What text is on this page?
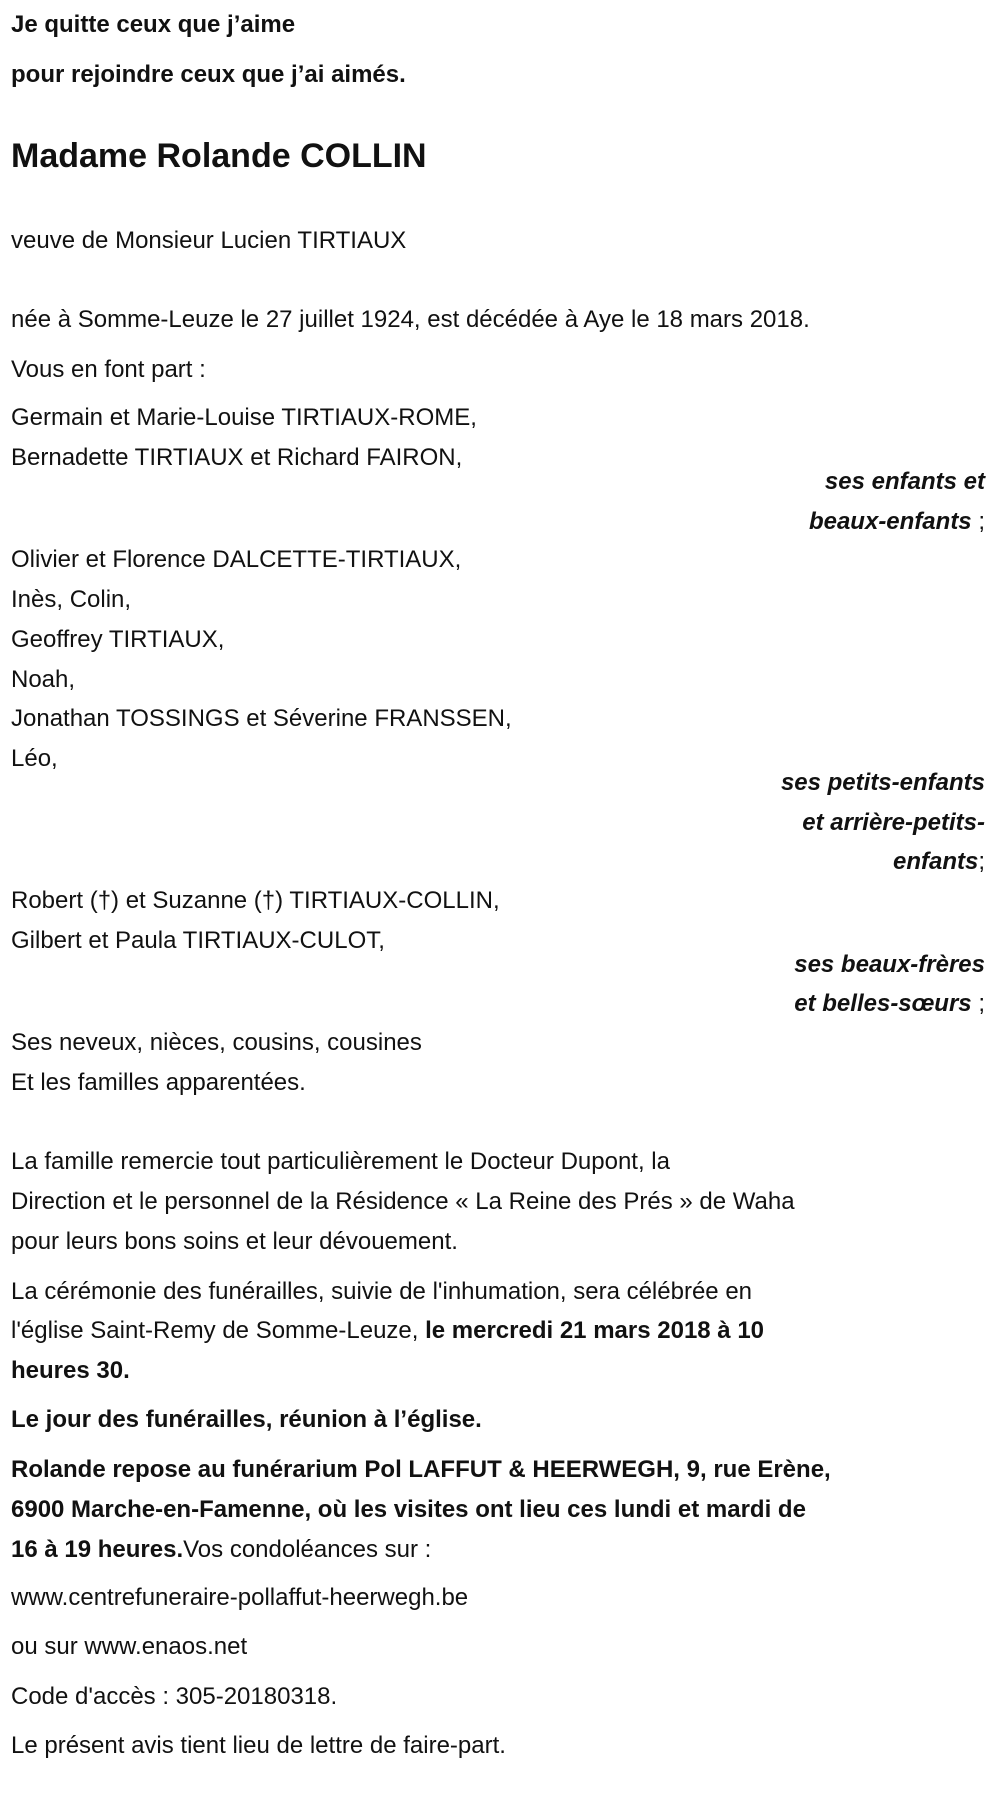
Je quitte ceux que j’aime
pour rejoindre ceux que j’ai aimés.
Madame Rolande COLLIN
veuve de Monsieur Lucien TIRTIAUX
née à Somme-Leuze le 27 juillet 1924, est décédée à Aye le 18 mars 2018.
Vous en font part :
Germain et Marie-Louise TIRTIAUX-ROME,
Bernadette TIRTIAUX et Richard FAIRON,
ses enfants et
beaux-enfants ;
Olivier et Florence DALCETTE-TIRTIAUX,
Inès, Colin,
Geoffrey TIRTIAUX,
Noah,
Jonathan TOSSINGS et Séverine FRANSSEN,
Léo,
ses petits-enfants
et arrière-petits-
enfants;
Robert (†) et Suzanne (†) TIRTIAUX-COLLIN,
Gilbert et Paula TIRTIAUX-CULOT,
ses beaux-frères
et belles-sœurs ;
Ses neveux, nièces, cousins, cousines
Et les familles apparentées.
La famille remercie tout particulièrement le Docteur Dupont, la
Direction et le personnel de la Résidence « La Reine des Prés » de Waha
pour leurs bons soins et leur dévouement.
La cérémonie des funérailles, suivie de l'inhumation, sera célébrée en
l'église Saint-Remy de Somme-Leuze, le mercredi 21 mars 2018 à 10
heures 30.
Le jour des funérailles, réunion à l’église.
Rolande repose au funérarium Pol LAFFUT & HEERWEGH, 9, rue Erène,
6900 Marche-en-Famenne, où les visites ont lieu ces lundi et mardi de
16 à 19 heures.Vos condoléances sur :
www.centrefuneraire-pollaffut-heerwegh.be
ou sur www.enaos.net
Code d'accès : 305-20180318.
Le présent avis tient lieu de lettre de faire-part.
